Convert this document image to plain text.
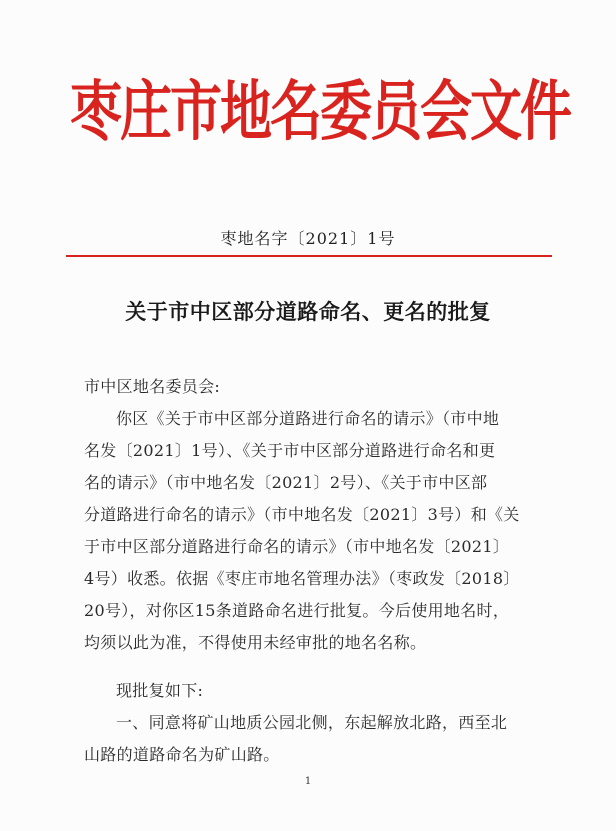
枣庄市地名委员会文件
枣地名字〔2021〕1号
关于市中区部分道路命名、更名的批复
市中区地名委员会:
你区《关于市中区部分道路进行命名的请示》（市中地
名发〔2021〕1号）、《关于市中区部分道路进行命名和更
名的请示》（市中地名发〔2021〕2号）、《关于市中区部
分道路进行命名的请示》（市中地名发〔2021〕3号）和《关
于市中区部分道路进行命名的请示》（市中地名发〔2021〕
4号）收悉。依据《枣庄市地名管理办法》（枣政发〔2018〕
20号），对你区15条道路命名进行批复。今后使用地名时，
均须以此为准，不得使用未经审批的地名名称。
现批复如下:
一、同意将矿山地质公园北侧，东起解放北路，西至北
山路的道路命名为矿山路。
1
